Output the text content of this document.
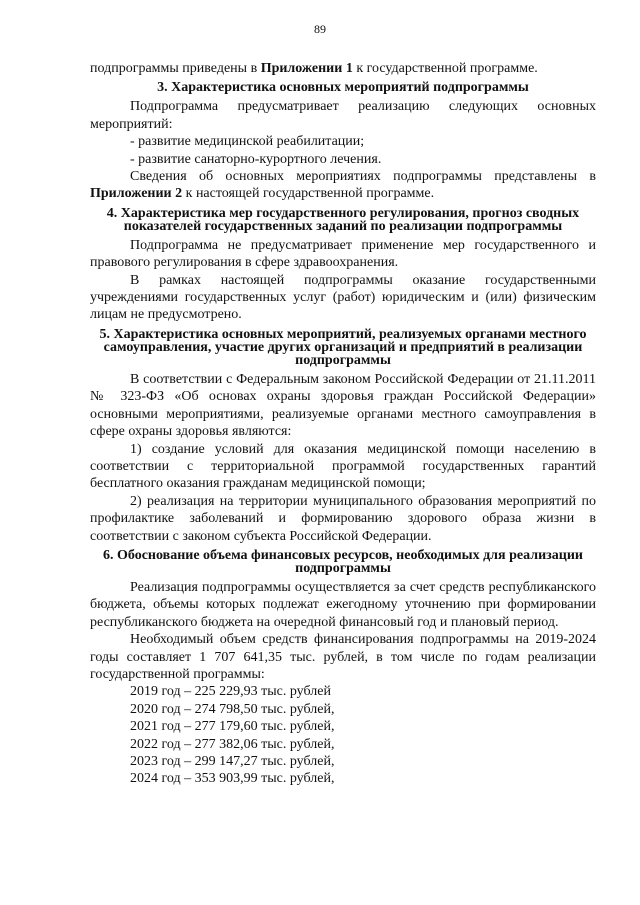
89

подпрограммы приведены в Приложении 1 к государственной программе.

3. Характеристика основных мероприятий подпрограммы

Подпрограмма предусматривает реализацию следующих основных мероприятий:

- развитие медицинской реабилитации;

- развитие санаторно-курортного лечения.

Сведения об основных мероприятиях подпрограммы представлены в Приложении 2 к настоящей государственной программе.

4. Характеристика мер государственного регулирования, прогноз сводных показателей государственных заданий по реализации подпрограммы

Подпрограмма не предусматривает применение мер государственного и правового регулирования в сфере здравоохранения.

В рамках настоящей подпрограммы оказание государственными учреждениями государственных услуг (работ) юридическим и (или) физическим лицам не предусмотрено.

5. Характеристика основных мероприятий, реализуемых органами местного самоуправления, участие других организаций и предприятий в реализации подпрограммы

В соответствии с Федеральным законом Российской Федерации от 21.11.2011 № 323-ФЗ «Об основах охраны здоровья граждан Российской Федерации» основными мероприятиями, реализуемые органами местного самоуправления в сфере охраны здоровья являются:

1) создание условий для оказания медицинской помощи населению в соответствии с территориальной программой государственных гарантий бесплатного оказания гражданам медицинской помощи;

2) реализация на территории муниципального образования мероприятий по профилактике заболеваний и формированию здорового образа жизни в соответствии с законом субъекта Российской Федерации.

6. Обоснование объема финансовых ресурсов, необходимых для реализации подпрограммы

Реализация подпрограммы осуществляется за счет средств республиканского бюджета, объемы которых подлежат ежегодному уточнению при формировании республиканского бюджета на очередной финансовый год и плановый период.

Необходимый объем средств финансирования подпрограммы на 2019-2024 годы составляет 1 707 641,35 тыс. рублей, в том числе по годам реализации государственной программы:

2019 год – 225 229,93 тыс. рублей

2020 год – 274 798,50 тыс. рублей,

2021 год – 277 179,60 тыс. рублей,

2022 год – 277 382,06 тыс. рублей,

2023 год – 299 147,27 тыс. рублей,

2024 год – 353 903,99 тыс. рублей,
